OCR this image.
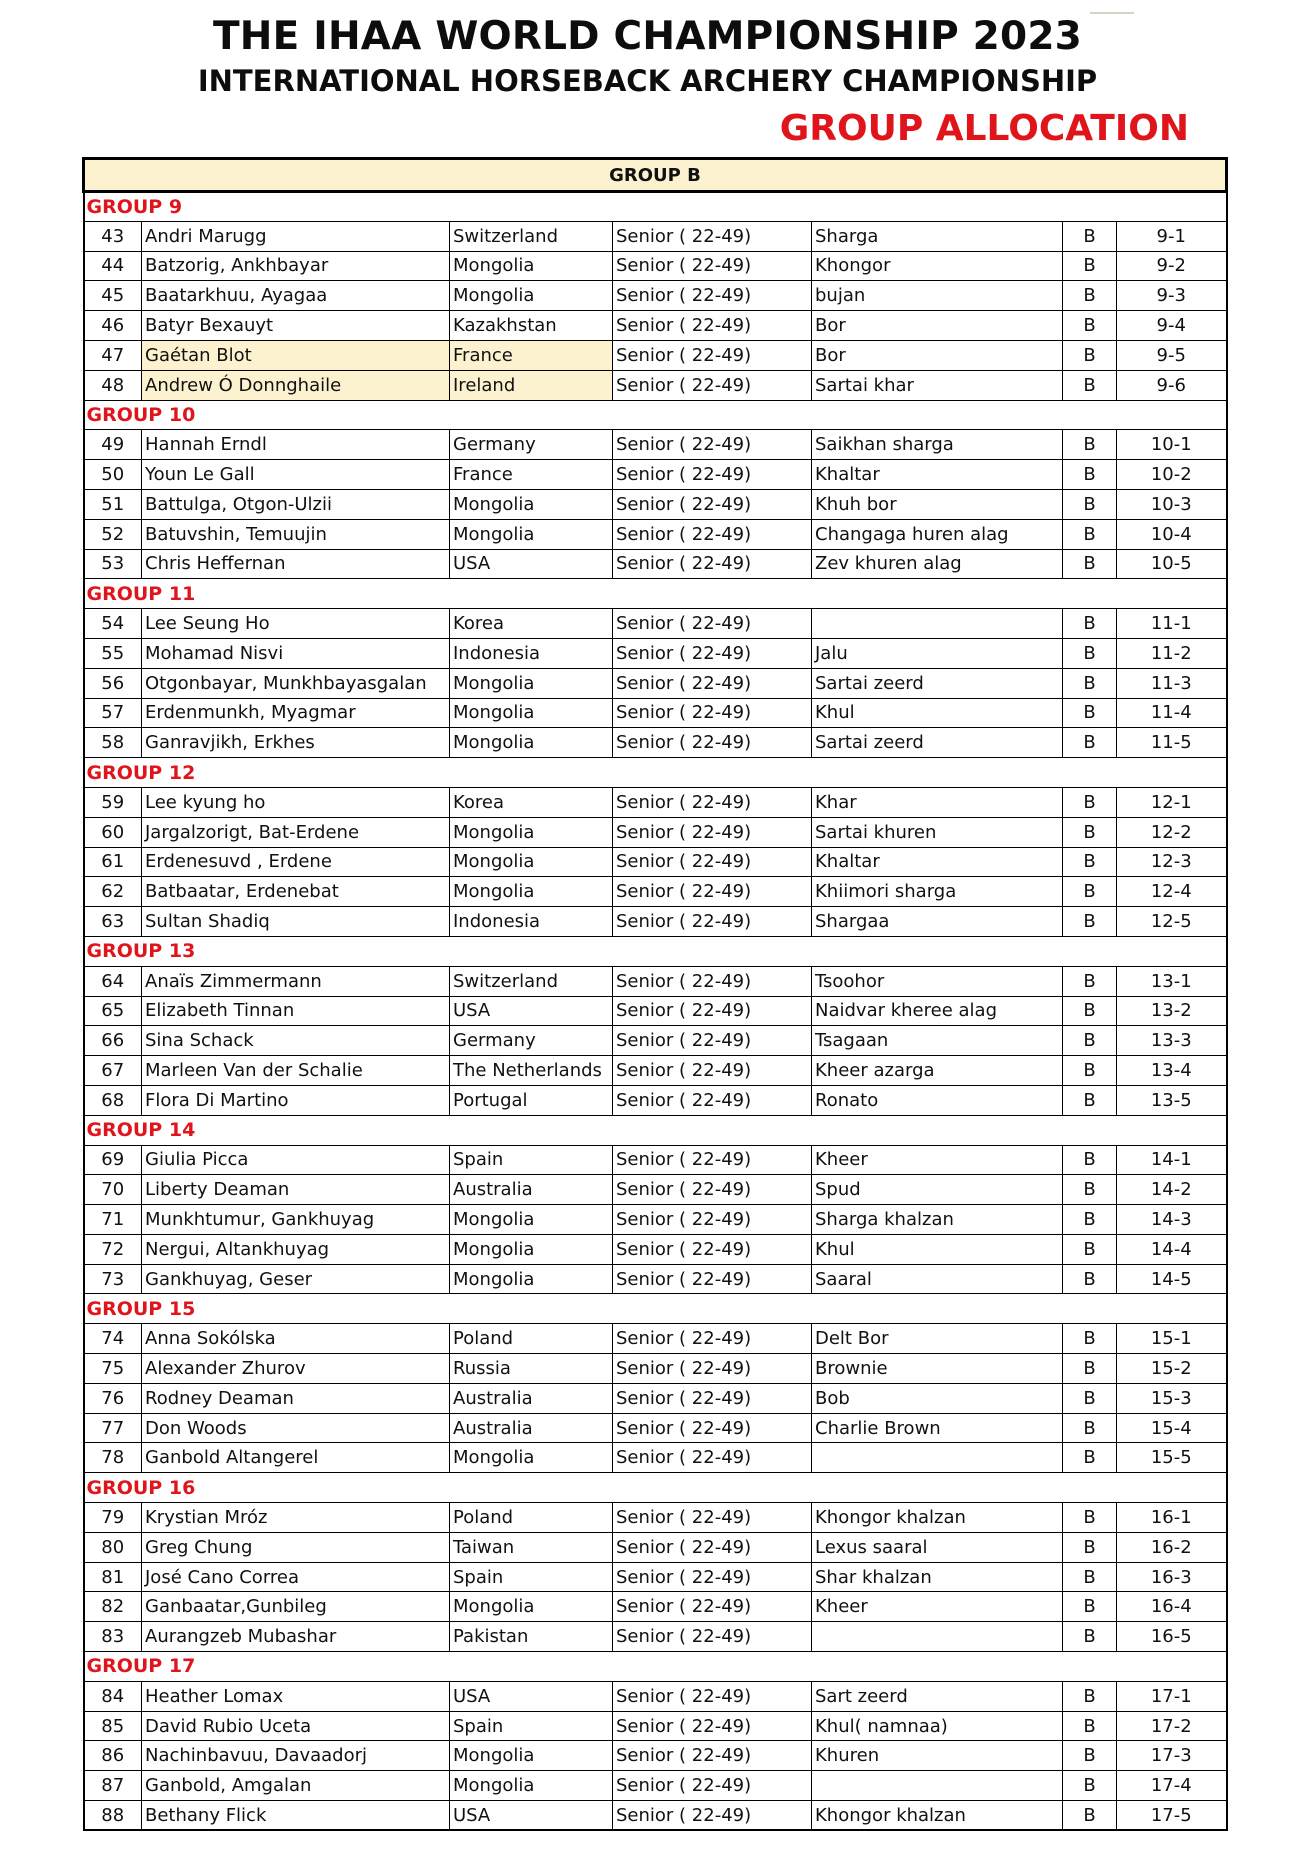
THE IHAA WORLD CHAMPIONSHIP 2023
INTERNATIONAL HORSEBACK ARCHERY CHAMPIONSHIP
GROUP ALLOCATION
GROUP B						
GROUP 9						
43	Andri Marugg	Switzerland	Senior ( 22-49)	Sharga	B	9-1
44	Batzorig, Ankhbayar	Mongolia	Senior ( 22-49)	Khongor	B	9-2
45	Baatarkhuu, Ayagaa	Mongolia	Senior ( 22-49)	bujan	B	9-3
46	Batyr Bexauyt	Kazakhstan	Senior ( 22-49)	Bor	B	9-4
47	Gaétan Blot	France	Senior ( 22-49)	Bor	B	9-5
48	Andrew Ó Donnghaile	Ireland	Senior ( 22-49)	Sartai khar	B	9-6
GROUP 10						
49	Hannah Erndl	Germany	Senior ( 22-49)	Saikhan sharga	B	10-1
50	Youn Le Gall	France	Senior ( 22-49)	Khaltar	B	10-2
51	Battulga, Otgon-Ulzii	Mongolia	Senior ( 22-49)	Khuh bor	B	10-3
52	Batuvshin, Temuujin	Mongolia	Senior ( 22-49)	Changaga huren alag	B	10-4
53	Chris Heffernan	USA	Senior ( 22-49)	Zev khuren alag	B	10-5
GROUP 11						
54	Lee Seung Ho	Korea	Senior ( 22-49)		B	11-1
55	Mohamad Nisvi	Indonesia	Senior ( 22-49)	Jalu	B	11-2
56	Otgonbayar, Munkhbayasgalan	Mongolia	Senior ( 22-49)	Sartai zeerd	B	11-3
57	Erdenmunkh, Myagmar	Mongolia	Senior ( 22-49)	Khul	B	11-4
58	Ganravjikh, Erkhes	Mongolia	Senior ( 22-49)	Sartai zeerd	B	11-5
GROUP 12						
59	Lee kyung ho	Korea	Senior ( 22-49)	Khar	B	12-1
60	Jargalzorigt, Bat-Erdene	Mongolia	Senior ( 22-49)	Sartai khuren	B	12-2
61	Erdenesuvd , Erdene	Mongolia	Senior ( 22-49)	Khaltar	B	12-3
62	Batbaatar, Erdenebat	Mongolia	Senior ( 22-49)	Khiimori sharga	B	12-4
63	Sultan Shadiq	Indonesia	Senior ( 22-49)	Shargaa	B	12-5
GROUP 13						
64	Anaïs Zimmermann	Switzerland	Senior ( 22-49)	Tsoohor	B	13-1
65	Elizabeth Tinnan	USA	Senior ( 22-49)	Naidvar kheree alag	B	13-2
66	Sina Schack	Germany	Senior ( 22-49)	Tsagaan	B	13-3
67	Marleen Van der Schalie	The Netherlands	Senior ( 22-49)	Kheer azarga	B	13-4
68	Flora Di Martino	Portugal	Senior ( 22-49)	Ronato	B	13-5
GROUP 14						
69	Giulia Picca	Spain	Senior ( 22-49)	Kheer	B	14-1
70	Liberty Deaman	Australia	Senior ( 22-49)	Spud	B	14-2
71	Munkhtumur, Gankhuyag	Mongolia	Senior ( 22-49)	Sharga khalzan	B	14-3
72	Nergui, Altankhuyag	Mongolia	Senior ( 22-49)	Khul	B	14-4
73	Gankhuyag, Geser	Mongolia	Senior ( 22-49)	Saaral	B	14-5
GROUP 15						
74	Anna Sokólska	Poland	Senior ( 22-49)	Delt Bor	B	15-1
75	Alexander Zhurov	Russia	Senior ( 22-49)	Brownie	B	15-2
76	Rodney Deaman	Australia	Senior ( 22-49)	Bob	B	15-3
77	Don Woods	Australia	Senior ( 22-49)	Charlie Brown	B	15-4
78	Ganbold Altangerel	Mongolia	Senior ( 22-49)		B	15-5
GROUP 16						
79	Krystian Mróz	Poland	Senior ( 22-49)	Khongor khalzan	B	16-1
80	Greg Chung	Taiwan	Senior ( 22-49)	Lexus saaral	B	16-2
81	José Cano Correa	Spain	Senior ( 22-49)	Shar khalzan	B	16-3
82	Ganbaatar,Gunbileg	Mongolia	Senior ( 22-49)	Kheer	B	16-4
83	Aurangzeb Mubashar	Pakistan	Senior ( 22-49)		B	16-5
GROUP 17						
84	Heather Lomax	USA	Senior ( 22-49)	Sart zeerd	B	17-1
85	David Rubio Uceta	Spain	Senior ( 22-49)	Khul( namnaa)	B	17-2
86	Nachinbavuu, Davaadorj	Mongolia	Senior ( 22-49)	Khuren	B	17-3
87	Ganbold, Amgalan	Mongolia	Senior ( 22-49)		B	17-4
88	Bethany Flick	USA	Senior ( 22-49)	Khongor khalzan	B	17-5
